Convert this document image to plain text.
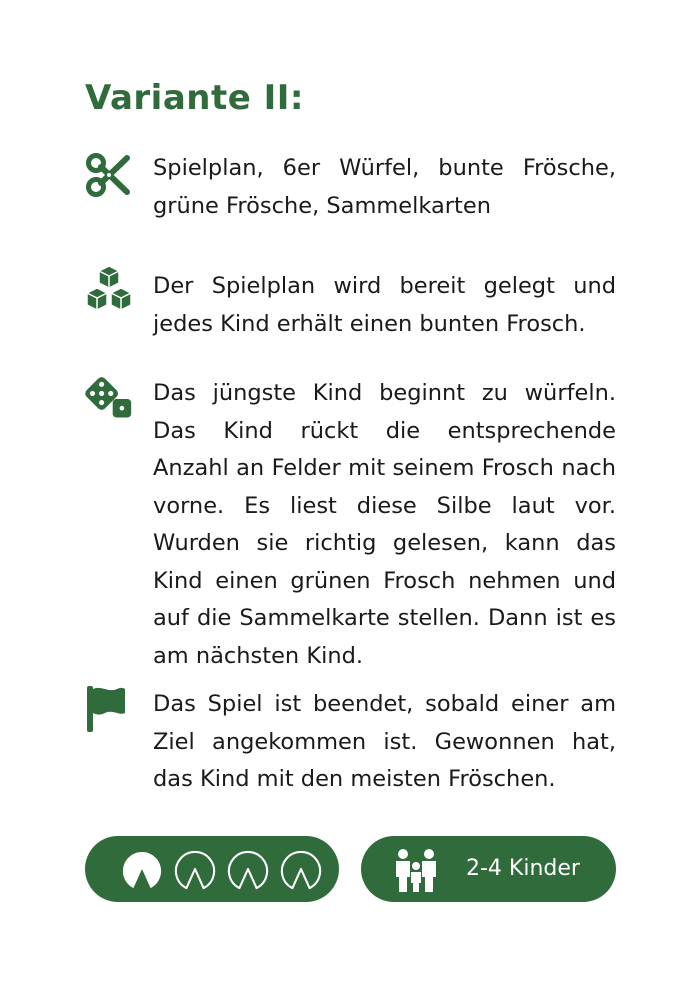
Variante II:
Spielplan, 6er Würfel, bunte Frösche, grüne Frösche, Sammelkarten
Der Spielplan wird bereit gelegt und jedes Kind erhält einen bunten Frosch.
Das jüngste Kind beginnt zu würfeln. Das Kind rückt die entsprechende Anzahl an Felder mit seinem Frosch nach vorne. Es liest diese Silbe laut vor. Wurden sie richtig gelesen, kann das Kind einen grünen Frosch nehmen und auf die Sammelkarte stellen. Dann ist es am nächsten Kind.
Das Spiel ist beendet, sobald einer am Ziel angekommen ist. Gewonnen hat, das Kind mit den meisten Fröschen.
2-4 Kinder
